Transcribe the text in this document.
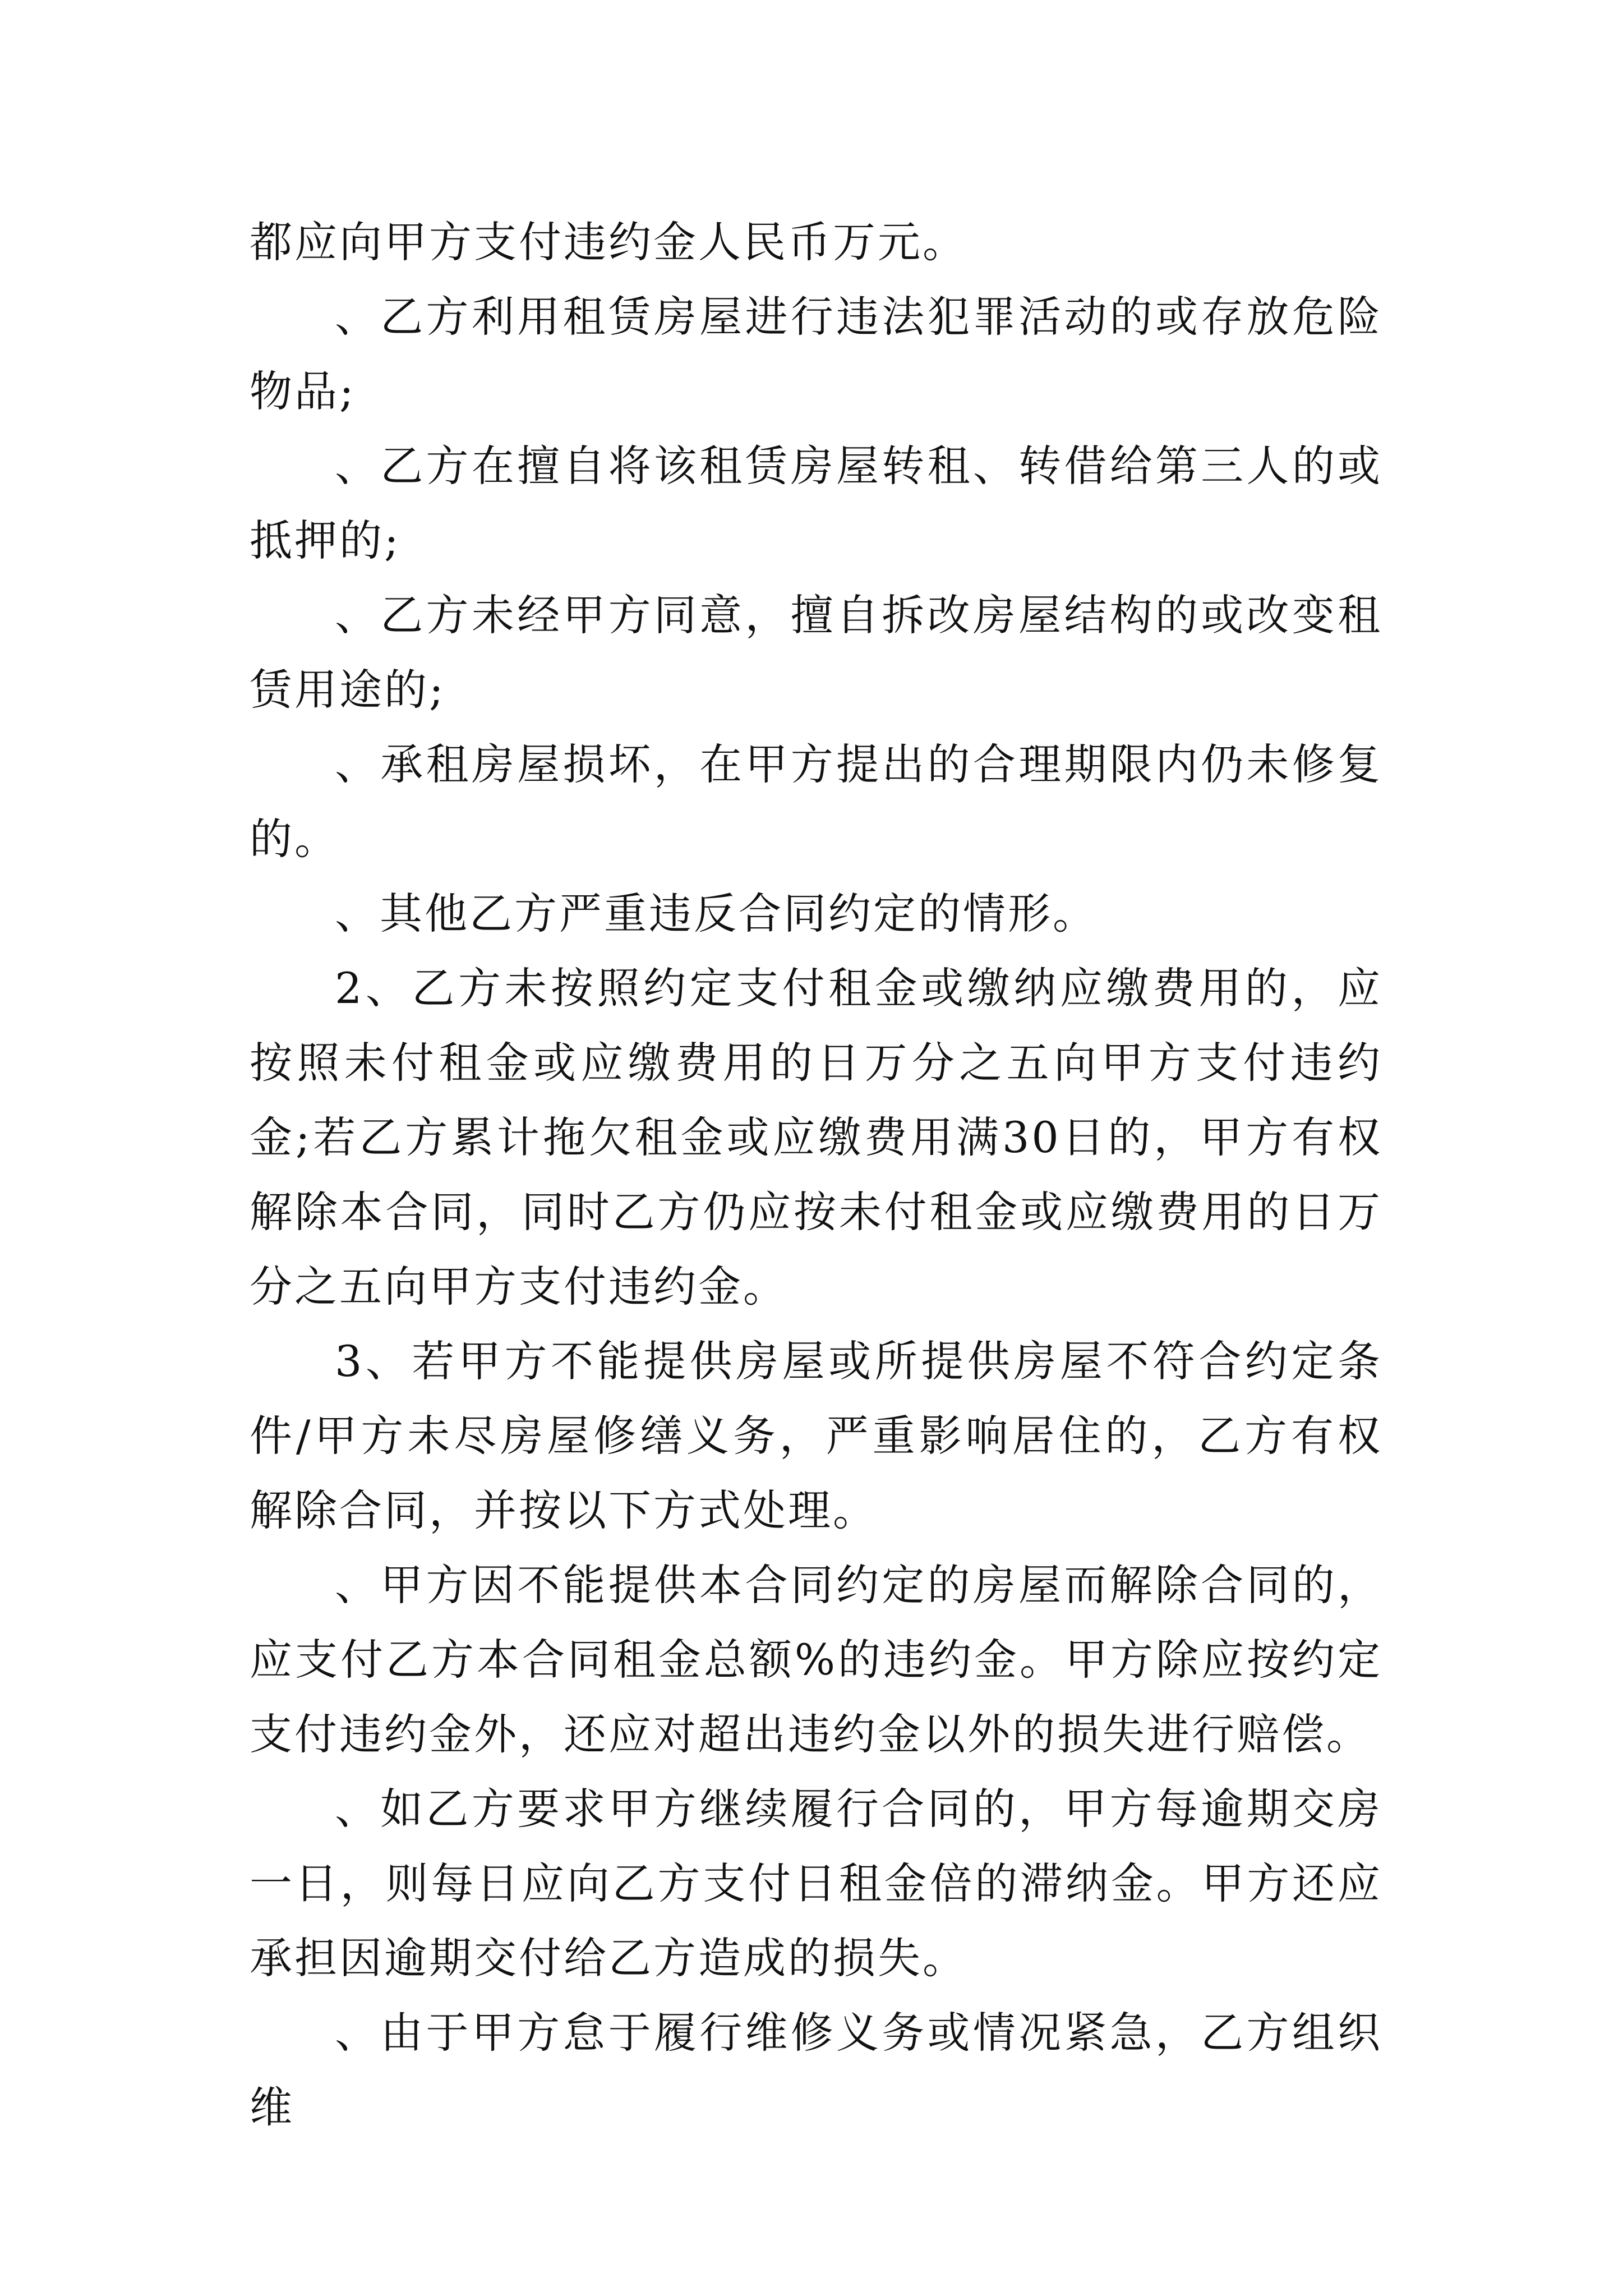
都应向甲方支付违约金人民币万元。

、乙方利用租赁房屋进行违法犯罪活动的或存放危险物品;

、乙方在擅自将该租赁房屋转租、转借给第三人的或抵押的;

、乙方未经甲方同意，擅自拆改房屋结构的或改变租赁用途的;

、承租房屋损坏，在甲方提出的合理期限内仍未修复的。

、其他乙方严重违反合同约定的情形。

2、乙方未按照约定支付租金或缴纳应缴费用的，应按照未付租金或应缴费用的日万分之五向甲方支付违约金;若乙方累计拖欠租金或应缴费用满30日的，甲方有权解除本合同，同时乙方仍应按未付租金或应缴费用的日万分之五向甲方支付违约金。

3、若甲方不能提供房屋或所提供房屋不符合约定条件/甲方未尽房屋修缮义务，严重影响居住的，乙方有权解除合同，并按以下方式处理。

、甲方因不能提供本合同约定的房屋而解除合同的，应支付乙方本合同租金总额%的违约金。甲方除应按约定支付违约金外，还应对超出违约金以外的损失进行赔偿。

、如乙方要求甲方继续履行合同的，甲方每逾期交房一日，则每日应向乙方支付日租金倍的滞纳金。甲方还应承担因逾期交付给乙方造成的损失。

、由于甲方怠于履行维修义务或情况紧急，乙方组织维
